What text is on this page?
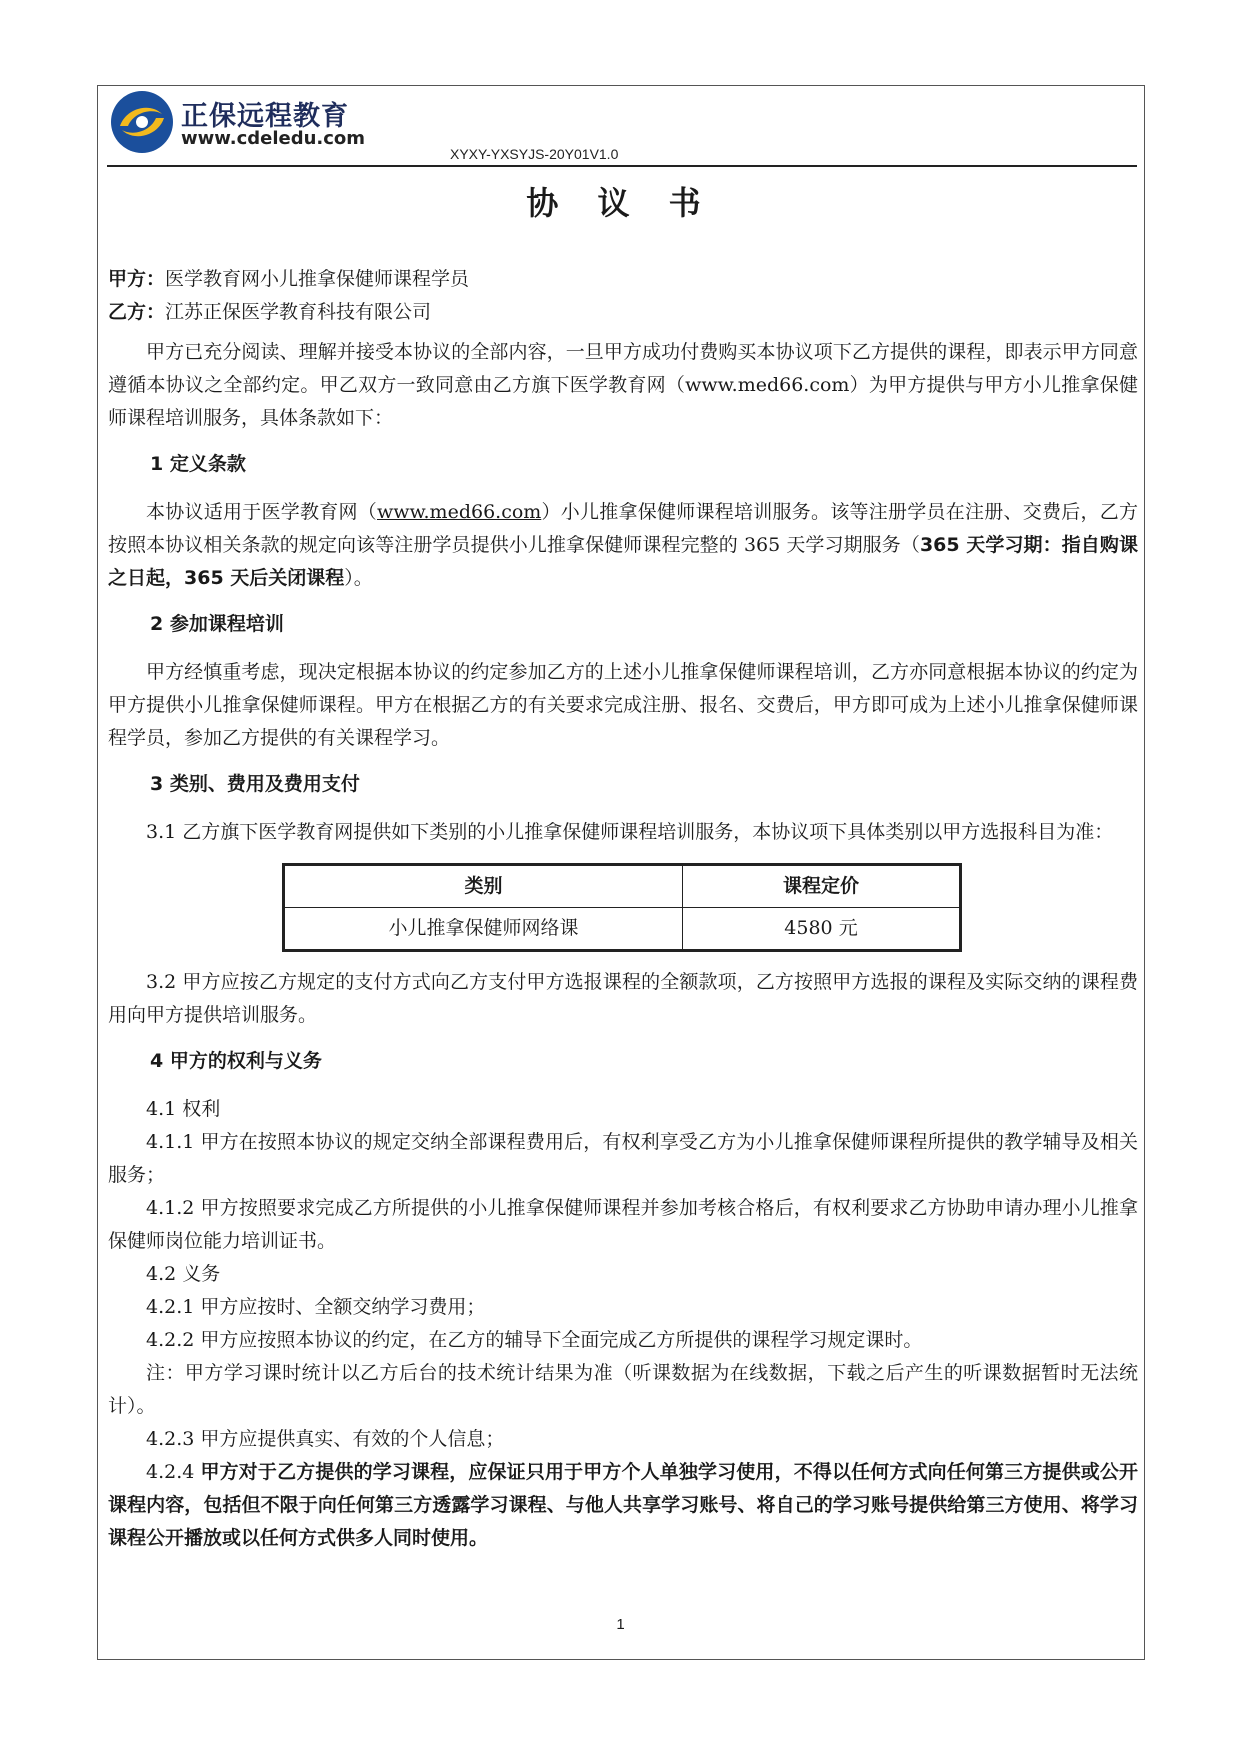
正保远程教育
www.cdeledu.com
XYXY-YXSYJS-20Y01V1.0
协 议 书

甲方：医学教育网小儿推拿保健师课程学员

乙方：江苏正保医学教育科技有限公司

甲方已充分阅读、理解并接受本协议的全部内容，一旦甲方成功付费购买本协议项下乙方提供的课程，即表示甲方同意遵循本协议之全部约定。甲乙双方一致同意由乙方旗下医学教育网（www.med66.com）为甲方提供与甲方小儿推拿保健师课程培训服务，具体条款如下：

1 定义条款

本协议适用于医学教育网（www.med66.com）小儿推拿保健师课程培训服务。该等注册学员在注册、交费后，乙方按照本协议相关条款的规定向该等注册学员提供小儿推拿保健师课程完整的 365 天学习期服务（365 天学习期：指自购课之日起，365 天后关闭课程）。

2 参加课程培训

甲方经慎重考虑，现决定根据本协议的约定参加乙方的上述小儿推拿保健师课程培训，乙方亦同意根据本协议的约定为甲方提供小儿推拿保健师课程。甲方在根据乙方的有关要求完成注册、报名、交费后，甲方即可成为上述小儿推拿保健师课程学员，参加乙方提供的有关课程学习。

3 类别、费用及费用支付

3.1 乙方旗下医学教育网提供如下类别的小儿推拿保健师课程培训服务，本协议项下具体类别以甲方选报科目为准：

类别	课程定价
小儿推拿保健师网络课	4580 元

3.2 甲方应按乙方规定的支付方式向乙方支付甲方选报课程的全额款项，乙方按照甲方选报的课程及实际交纳的课程费用向甲方提供培训服务。

4 甲方的权利与义务

4.1 权利

4.1.1 甲方在按照本协议的规定交纳全部课程费用后，有权利享受乙方为小儿推拿保健师课程所提供的教学辅导及相关服务；

4.1.2 甲方按照要求完成乙方所提供的小儿推拿保健师课程并参加考核合格后，有权利要求乙方协助申请办理小儿推拿保健师岗位能力培训证书。

4.2 义务

4.2.1 甲方应按时、全额交纳学习费用；

4.2.2 甲方应按照本协议的约定，在乙方的辅导下全面完成乙方所提供的课程学习规定课时。

注：甲方学习课时统计以乙方后台的技术统计结果为准（听课数据为在线数据，下载之后产生的听课数据暂时无法统计）。

4.2.3 甲方应提供真实、有效的个人信息；

4.2.4 甲方对于乙方提供的学习课程，应保证只用于甲方个人单独学习使用，不得以任何方式向任何第三方提供或公开课程内容，包括但不限于向任何第三方透露学习课程、与他人共享学习账号、将自己的学习账号提供给第三方使用、将学习课程公开播放或以任何方式供多人同时使用。

1
